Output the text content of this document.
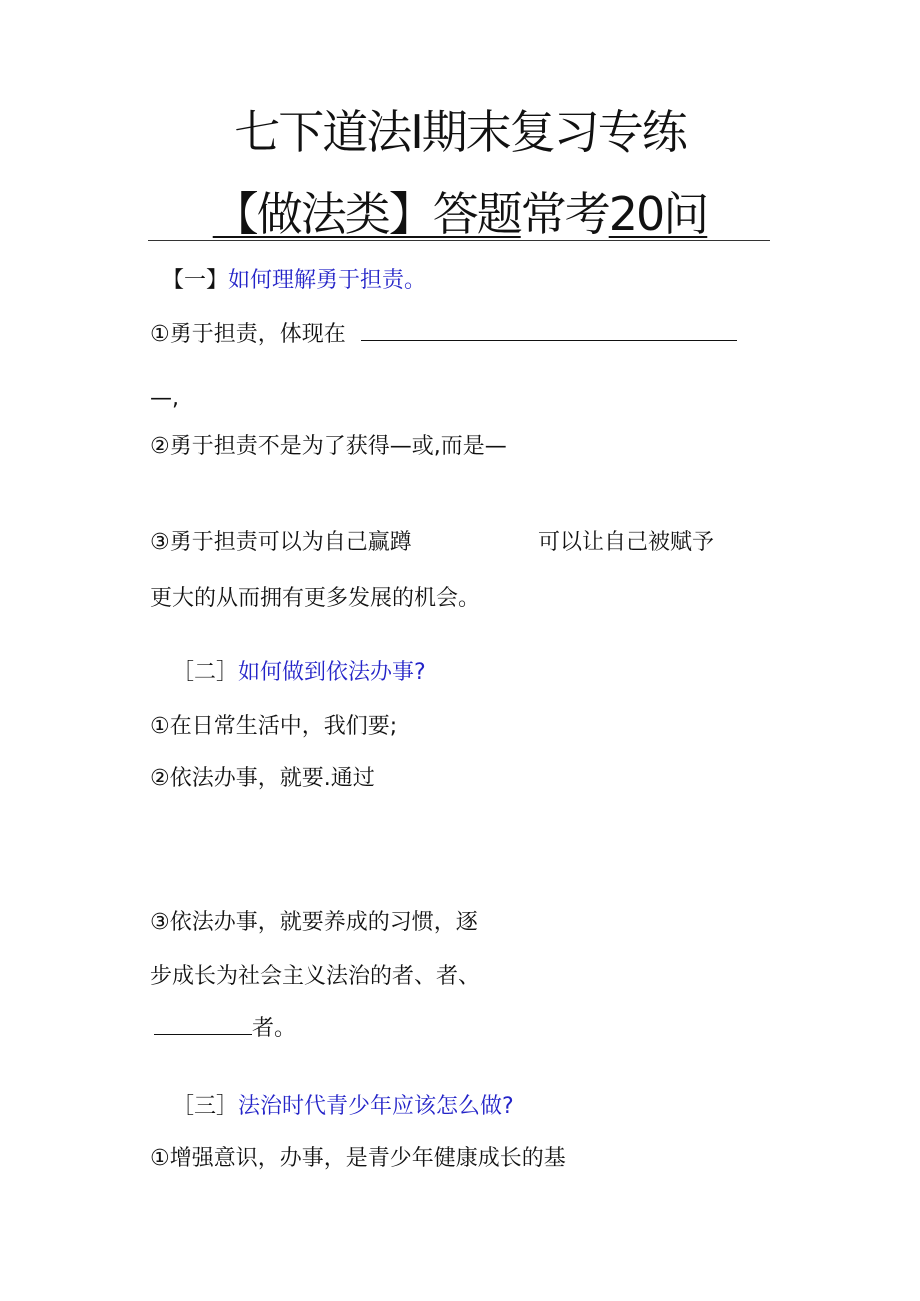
七下道法I期末复习专练
【做法类】答题常考20问
【一】如何理解勇于担责。
①勇于担责，体现在
—,
②勇于担责不是为了获得—或,而是—
③勇于担责可以为自己赢蹲	可以让自己被赋予
更大的从而拥有更多发展的机会。
［二］如何做到依法办事?
①在日常生活中，我们要;
②依法办事，就要.通过
③依法办事，就要养成的习惯，逐
步成长为社会主义法治的者、者、
者。
［三］法治时代青少年应该怎么做?
①增强意识，办事，是青少年健康成长的基
